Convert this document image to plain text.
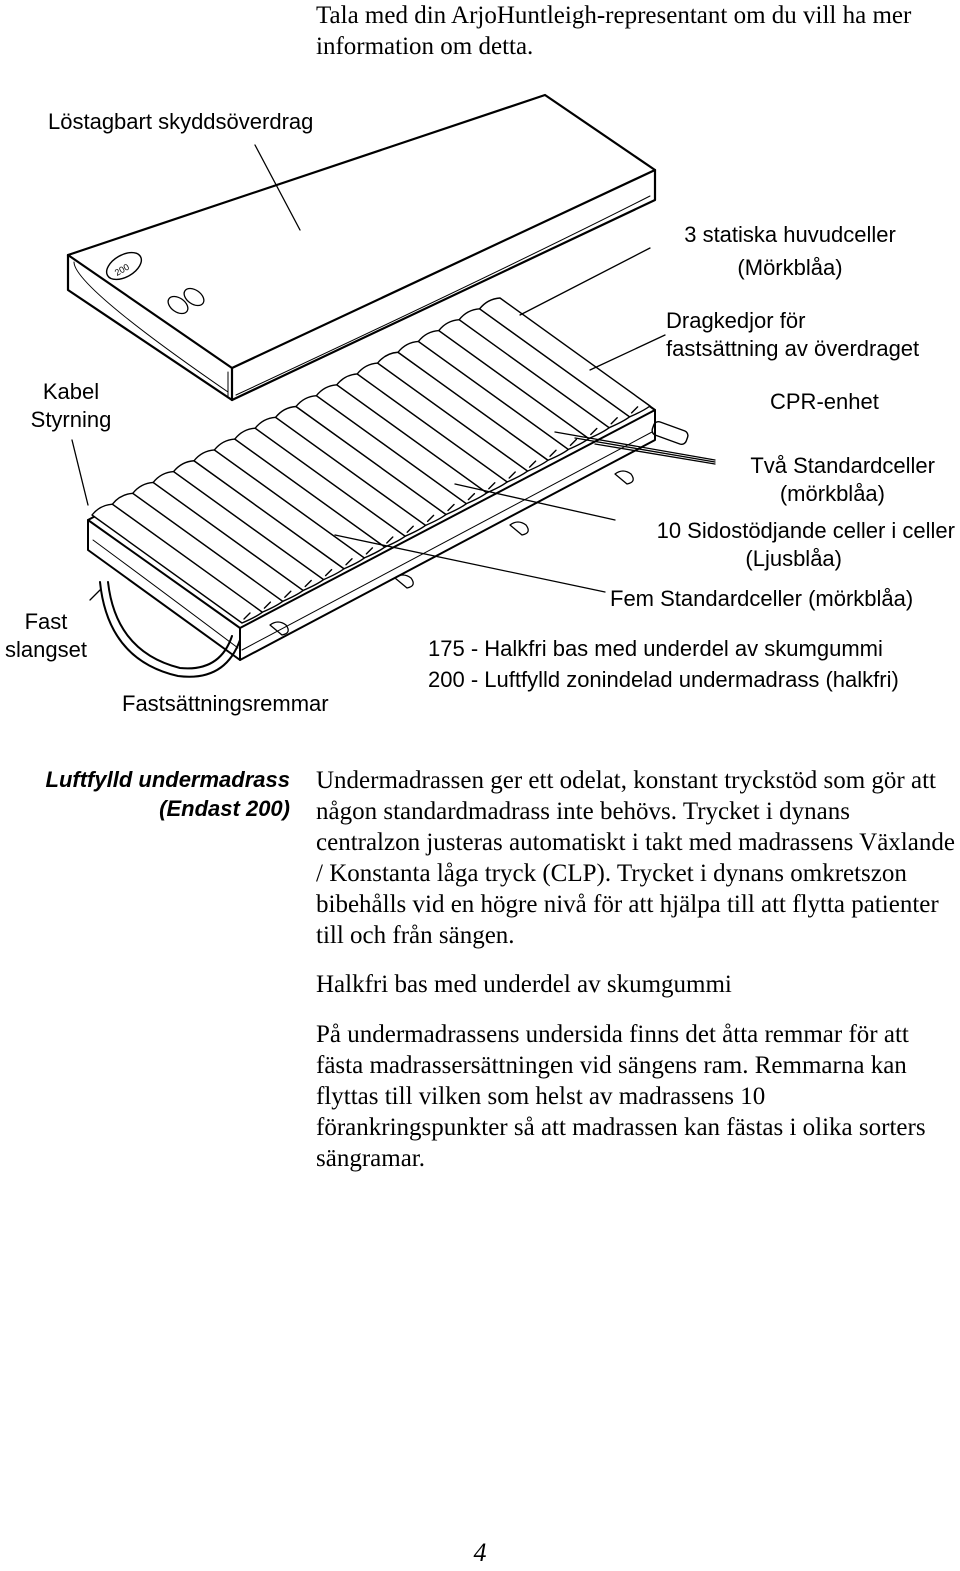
Tala med din ArjoHuntleigh-representant om du vill ha mer information om detta.
200
Löstagbart skyddsöverdrag
3 statiska huvudceller
(Mörkblåa)
Dragkedjor för
fastsättning av överdraget
Kabel
Styrning
CPR-enhet
Två Standardceller
(mörkblåa)
10 Sidostödjande celler i celler
(Ljusblåa)
Fem Standardceller (mörkblåa)
Fast
slangset	175 - Halkfri bas med underdel av skumgummi
200 - Luftfylld zonindelad undermadrass (halkfri)
Fastsättningsremmar
Luftfylld undermadrass
(Endast 200)

Undermadrassen ger ett odelat, konstant tryckstöd som gör att någon standardmadrass inte behövs. Trycket i dynans centralzon justeras automatiskt i takt med madrassens Växlande / Konstanta låga tryck (CLP). Trycket i dynans omkretszon bibehålls vid en högre nivå för att hjälpa till att flytta patienter till och från sängen.

Halkfri bas med underdel av skumgummi

På undermadrassens undersida finns det åtta remmar för att fästa madrassersättningen vid sängens ram. Remmarna kan flyttas till vilken som helst av madrassens 10 förankringspunkter så att madrassen kan fästas i olika sorters sängramar.

4
